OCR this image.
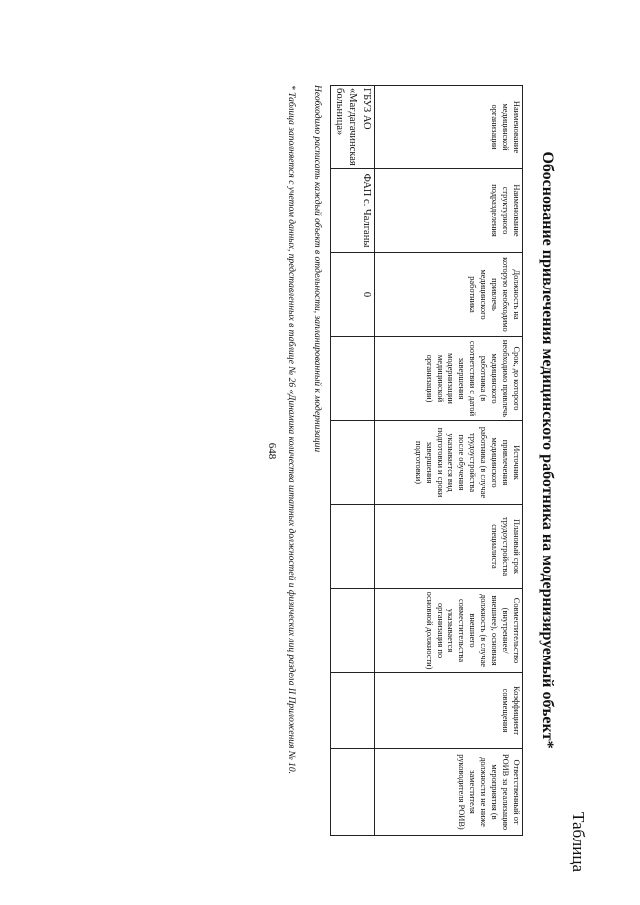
648
Таблица
Обоснование привлечения медицинского работника на модернизируемый объект*
Наименование медицинской организации	Наименование структурного подразделения	Должность на которую необходимо привлечь медицинского работника	Срок, до которого необходимо привлечь медицинского работника (в соответствии с датой завершения модернизации медицинской организации)	Источник привлечения медицинского работника (в случае трудоустройства после обучения указывается вид подготовки и сроки завершения подготовки)	Плановый срок трудоустройства специалиста	Совместительство (внутреннее/внешнее), основная должность (в случае внешнего совместительства указывается организация по основной должности)	Коэффициент совмещения	Ответственный от РОИВ за реализацию мероприятия (в должности не ниже заместителя руководителя РОИВ)
ГБУЗ АО «Мағдагачинская больница»	ФАП с. Чалганы	0						
Необходимо расписать каждый объект в отдельности, запланированный к модернизации
* Таблица заполняется с учетом данных, представленных в таблице № 26 «Динамика количества штатных должностей и физических лиц раздела II Приложения № 10.
